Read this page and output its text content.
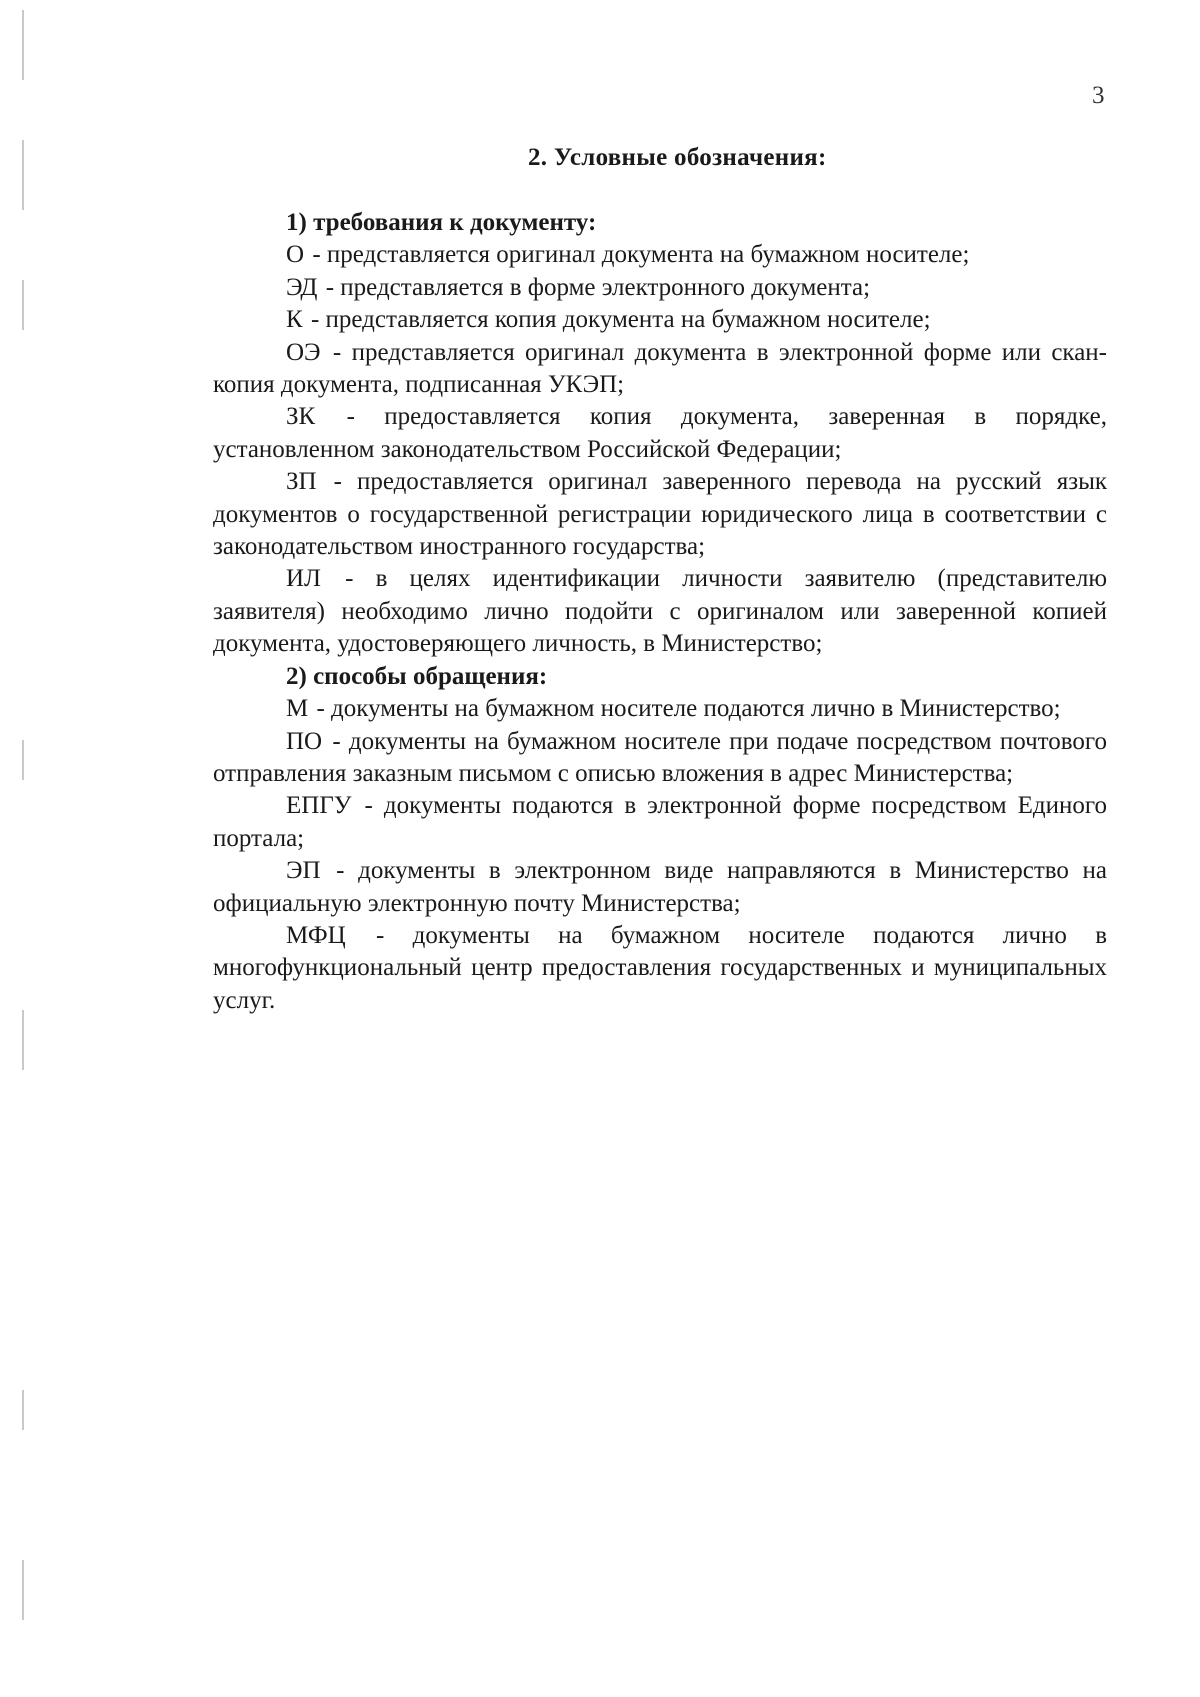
3
2. Условные обозначения:

1) требования к документу:

О - представляется оригинал документа на бумажном носителе;

ЭД - представляется в форме электронного документа;

К - представляется копия документа на бумажном носителе;

ОЭ - представляется оригинал документа в электронной форме или скан-копия документа, подписанная УКЭП;

ЗК - предоставляется копия документа, заверенная в порядке, установленном законодательством Российской Федерации;

ЗП - предоставляется оригинал заверенного перевода на русский язык документов о государственной регистрации юридического лица в соответствии с законодательством иностранного государства;

ИЛ - в целях идентификации личности заявителю (представителю заявителя) необходимо лично подойти с оригиналом или заверенной копией документа, удостоверяющего личность, в Министерство;

2) способы обращения:

М - документы на бумажном носителе подаются лично в Министерство;

ПО - документы на бумажном носителе при подаче посредством почтового отправления заказным письмом с описью вложения в адрес Министерства;

ЕПГУ - документы подаются в электронной форме посредством Единого портала;

ЭП - документы в электронном виде направляются в Министерство на официальную электронную почту Министерства;

МФЦ - документы на бумажном носителе подаются лично в многофункциональный центр предоставления государственных и муниципальных услуг.
